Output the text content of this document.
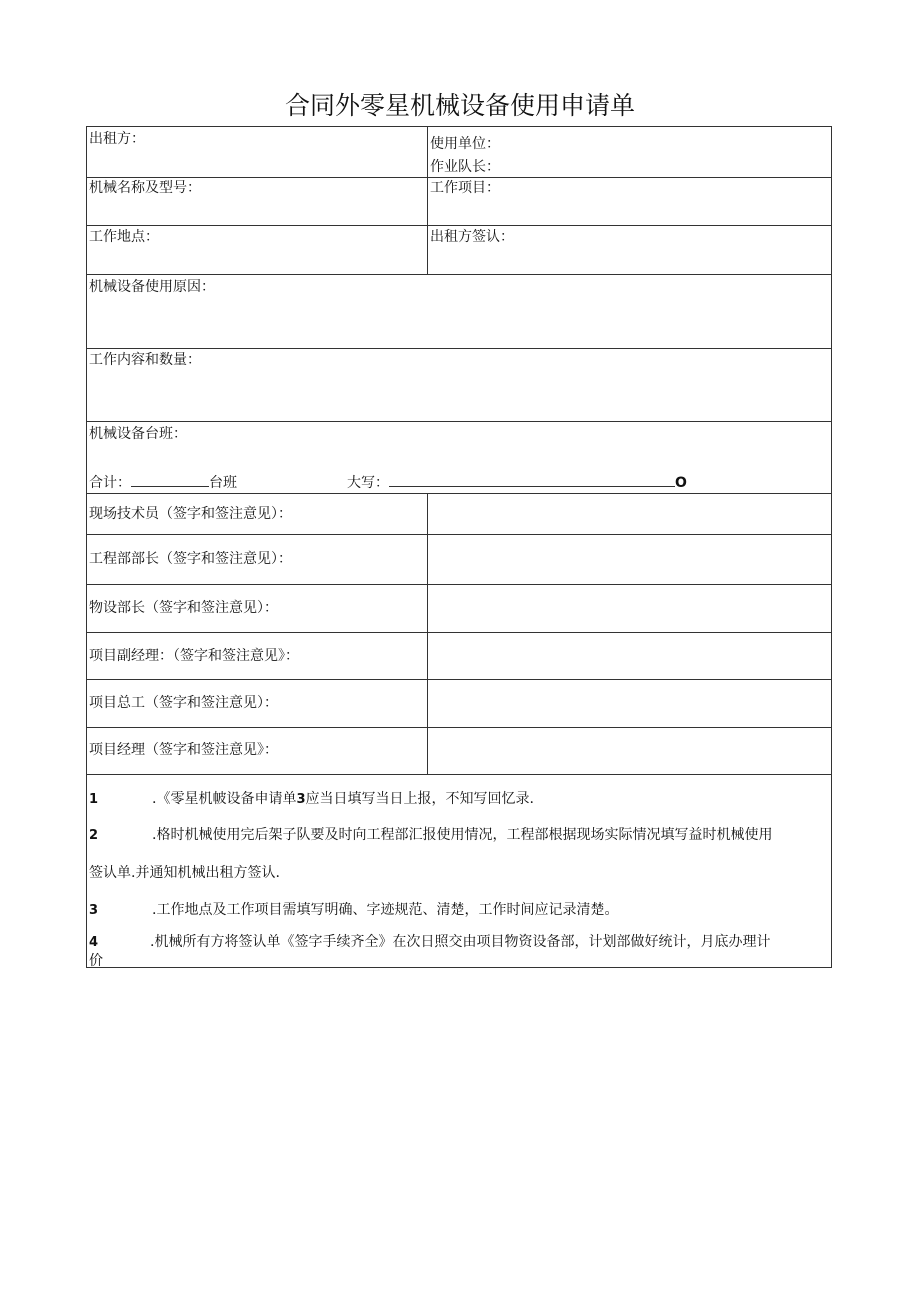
合同外零星机械设备使用申请单
出租方：	使用单位：
作业队长：
机械名称及型号：	工作项目：
工作地点：	出租方签认：
机械设备使用原因：
工作内容和数量：
机械设备台班：
合计：	台班	大写：	O
现场技术员（签字和签注意见）：
工程部部长（签字和签注意见）：
物设部长（签字和签注意见）：
项目副经理：（签字和签注意见》：
项目总工（签字和签注意见）：
项目经理（签字和签注意见》：
1	.《零星机帔设备申请单3应当日填写当日上报，不知写回忆录.
2	.格时机械使用完后架子队要及时向工程部汇报使用情况，工程部根据现场实际情况填写益时机械使用
签认单.并通知机械出租方签认.
3	.工作地点及工作项目需填写明确、字迹规范、清楚，工作时间应记录清楚。
4	.机械所有方将签认单《签字手续齐全》在次日照交由项目物资设备部，计划部做好统计，月底办理计
价
